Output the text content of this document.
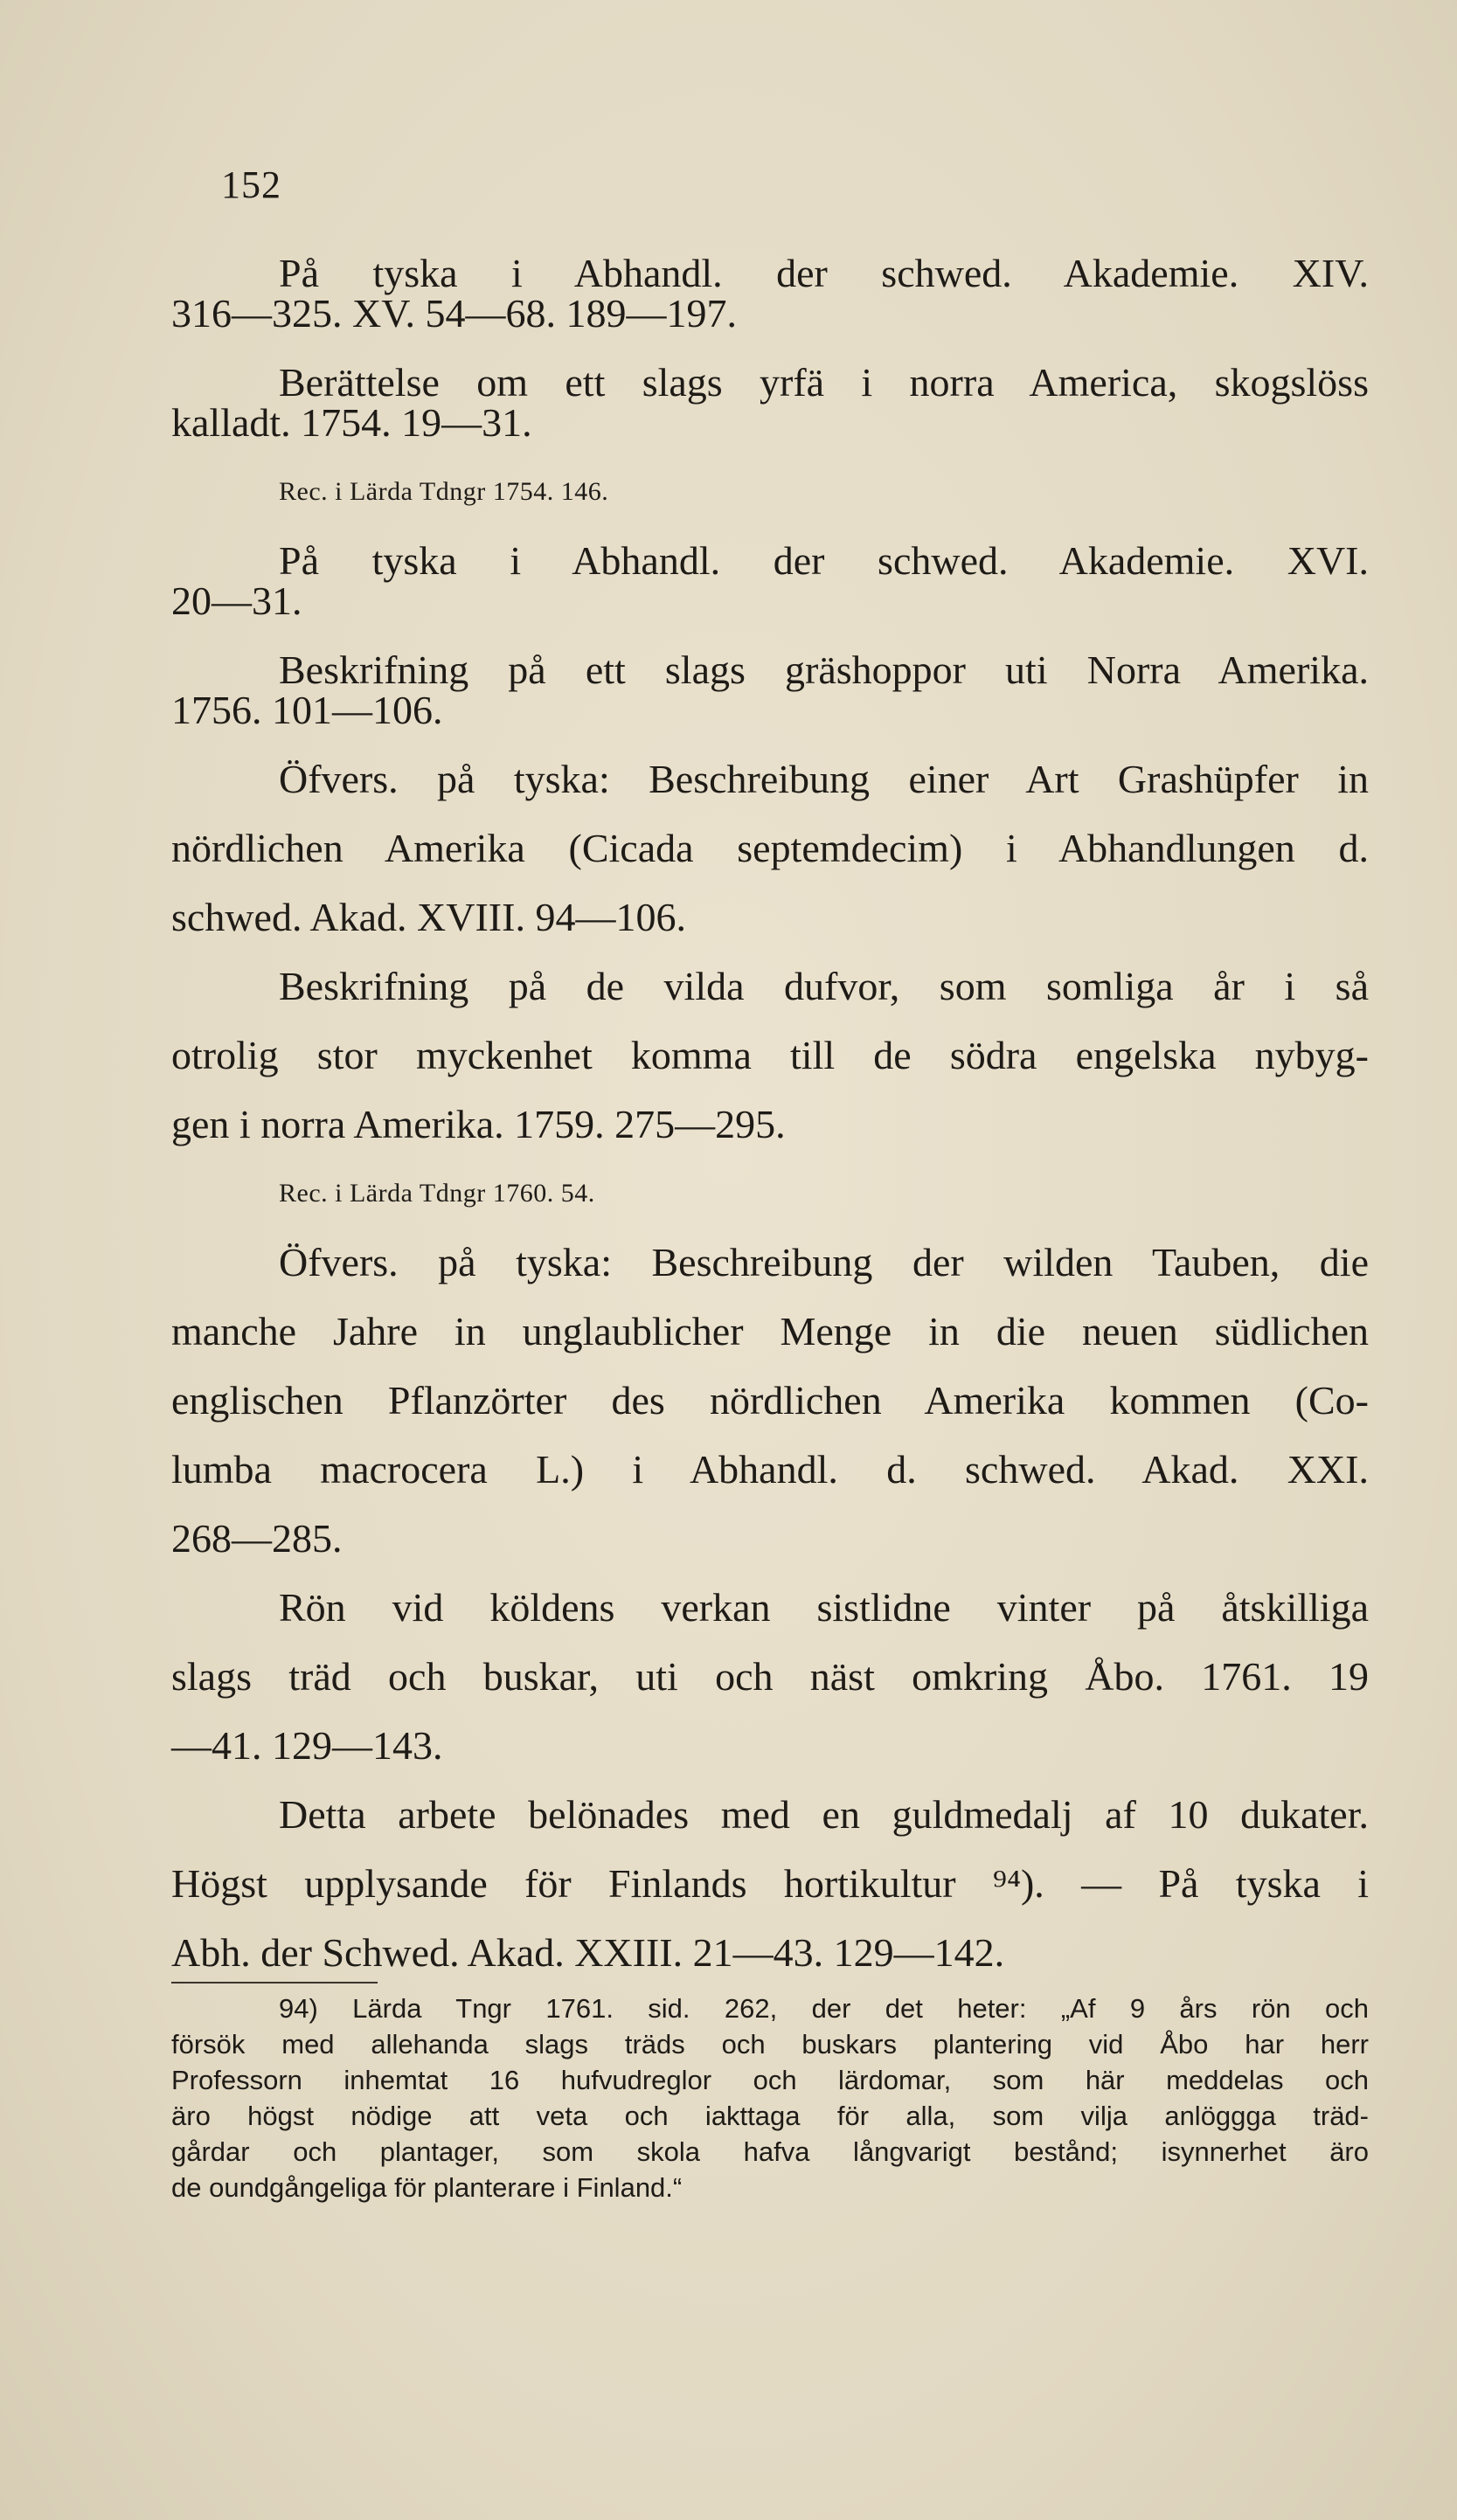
152
På tyska i Abhandl. der schwed. Akademie. XIV.
316—325. XV. 54—68. 189—197.
Berättelse om ett slags yrfä i norra America, skogslöss
kalladt. 1754. 19—31.
Rec. i Lärda Tdngr 1754. 146.
På tyska i Abhandl. der schwed. Akademie. XVI.
20—31.
Beskrifning på ett slags gräshoppor uti Norra Amerika.
1756. 101—106.
Öfvers. på tyska: Beschreibung einer Art Grashüpfer in
nördlichen Amerika (Cicada septemdecim) i Abhandlungen d.
schwed. Akad. XVIII. 94—106.
Beskrifning på de vilda dufvor, som somliga år i så
otrolig stor myckenhet komma till de södra engelska nybyg-
gen i norra Amerika. 1759. 275—295.
Rec. i Lärda Tdngr 1760. 54.
Öfvers. på tyska: Beschreibung der wilden Tauben, die
manche Jahre in unglaublicher Menge in die neuen südlichen
englischen Pflanzörter des nördlichen Amerika kommen (Co-
lumba macrocera L.) i Abhandl. d. schwed. Akad. XXI.
268—285.
Rön vid köldens verkan sistlidne vinter på åtskilliga
slags träd och buskar, uti och näst omkring Åbo. 1761. 19
—41. 129—143.
Detta arbete belönades med en guldmedalj af 10 dukater.
Högst upplysande för Finlands hortikultur ⁹⁴). — På tyska i
Abh. der Schwed. Akad. XXIII. 21—43. 129—142.
94) Lärda Tngr 1761. sid. 262, der det heter: „Af 9 års rön och
försök med allehanda slags träds och buskars plantering vid Åbo har herr
Professorn inhemtat 16 hufvudreglor och lärdomar, som här meddelas och
äro högst nödige att veta och iakttaga för alla, som vilja anlöggga träd-
gårdar och plantager, som skola hafva långvarigt bestånd; isynnerhet äro
de oundgångeliga för planterare i Finland.“
